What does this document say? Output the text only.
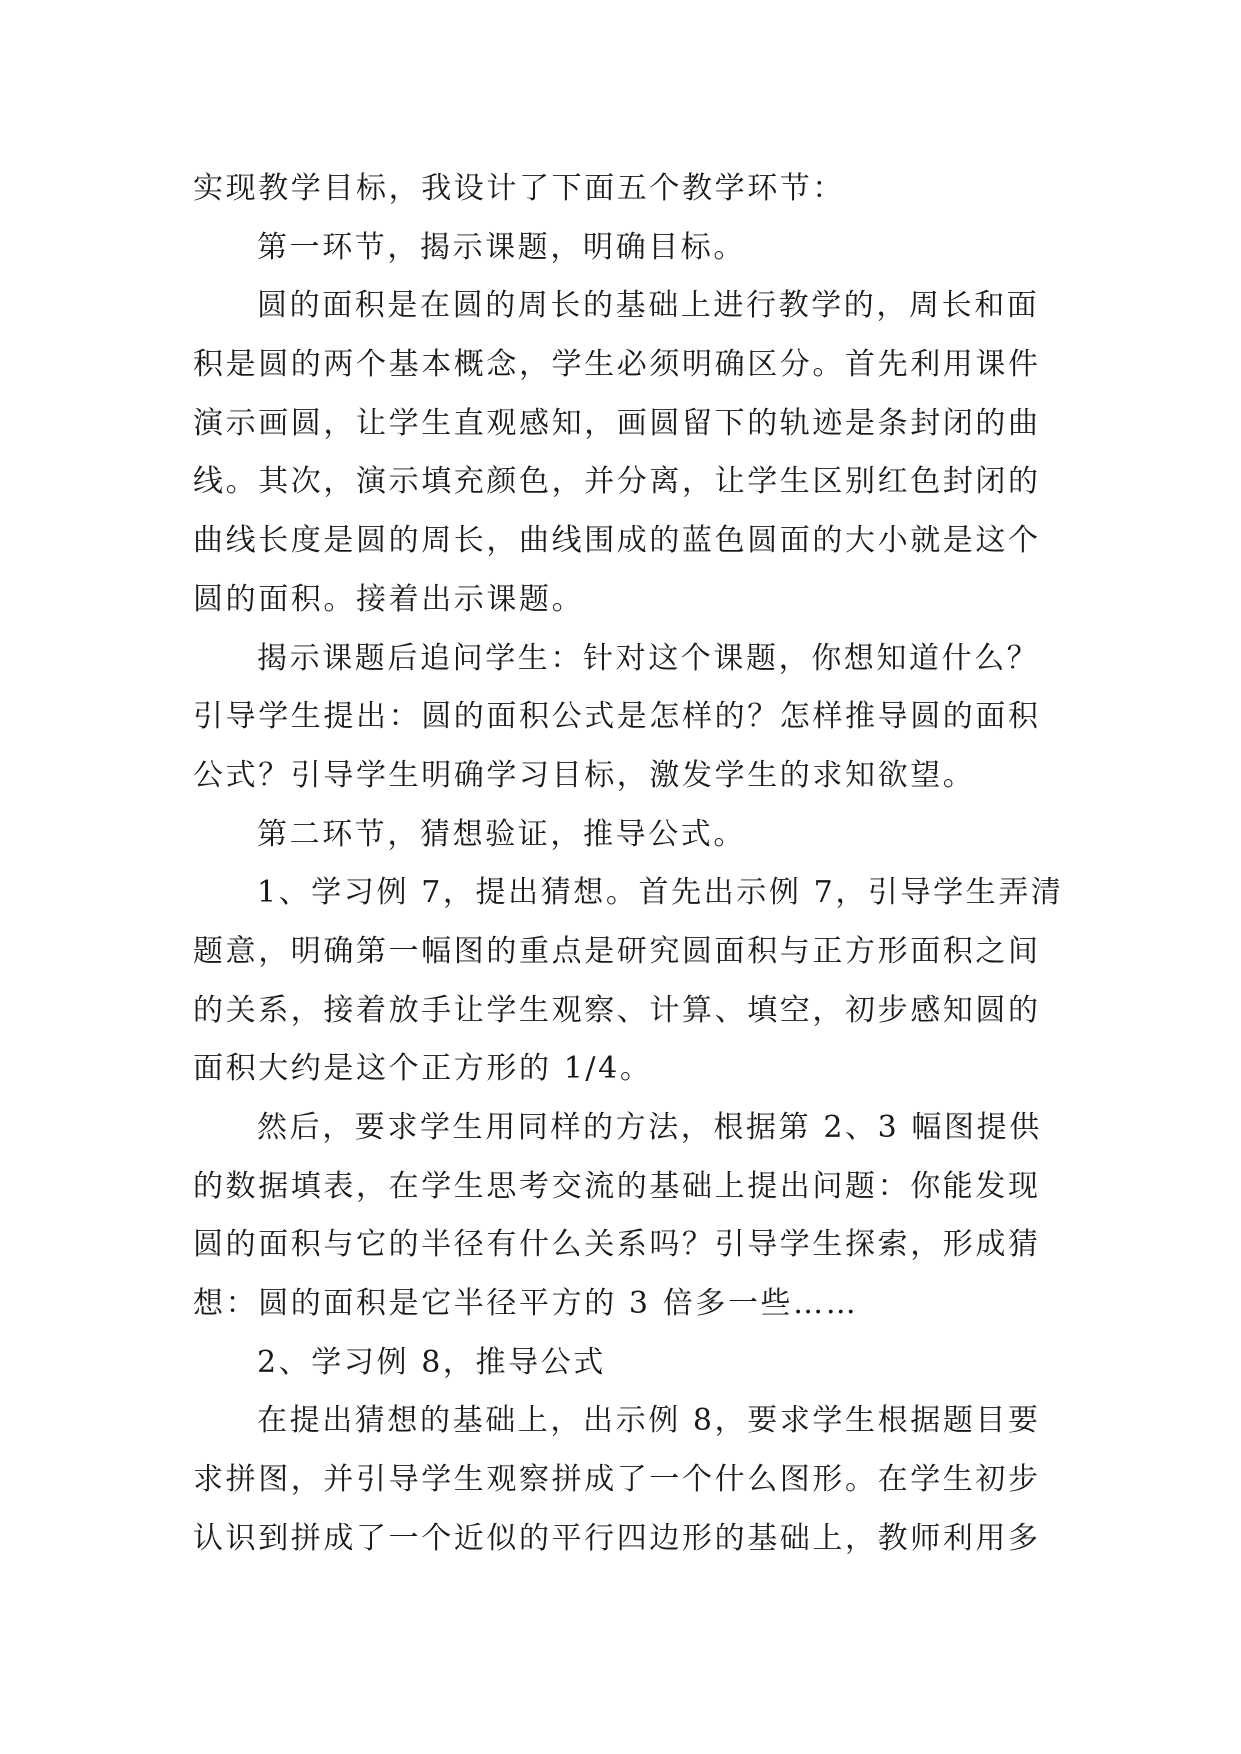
实现教学目标，我设计了下面五个教学环节：
第一环节，揭示课题，明确目标。
圆的面积是在圆的周长的基础上进行教学的，周长和面
积是圆的两个基本概念，学生必须明确区分。首先利用课件
演示画圆，让学生直观感知，画圆留下的轨迹是条封闭的曲
线。其次，演示填充颜色，并分离，让学生区别红色封闭的
曲线长度是圆的周长，曲线围成的蓝色圆面的大小就是这个
圆的面积。接着出示课题。
揭示课题后追问学生：针对这个课题，你想知道什么？
引导学生提出：圆的面积公式是怎样的？怎样推导圆的面积
公式？引导学生明确学习目标，激发学生的求知欲望。
第二环节，猜想验证，推导公式。
1、学习例 7，提出猜想。首先出示例 7，引导学生弄清
题意，明确第一幅图的重点是研究圆面积与正方形面积之间
的关系，接着放手让学生观察、计算、填空，初步感知圆的
面积大约是这个正方形的 1/4。
然后，要求学生用同样的方法，根据第 2、3 幅图提供
的数据填表，在学生思考交流的基础上提出问题：你能发现
圆的面积与它的半径有什么关系吗？引导学生探索，形成猜
想：圆的面积是它半径平方的 3 倍多一些……
2、学习例 8，推导公式
在提出猜想的基础上，出示例 8，要求学生根据题目要
求拼图，并引导学生观察拼成了一个什么图形。在学生初步
认识到拼成了一个近似的平行四边形的基础上，教师利用多
